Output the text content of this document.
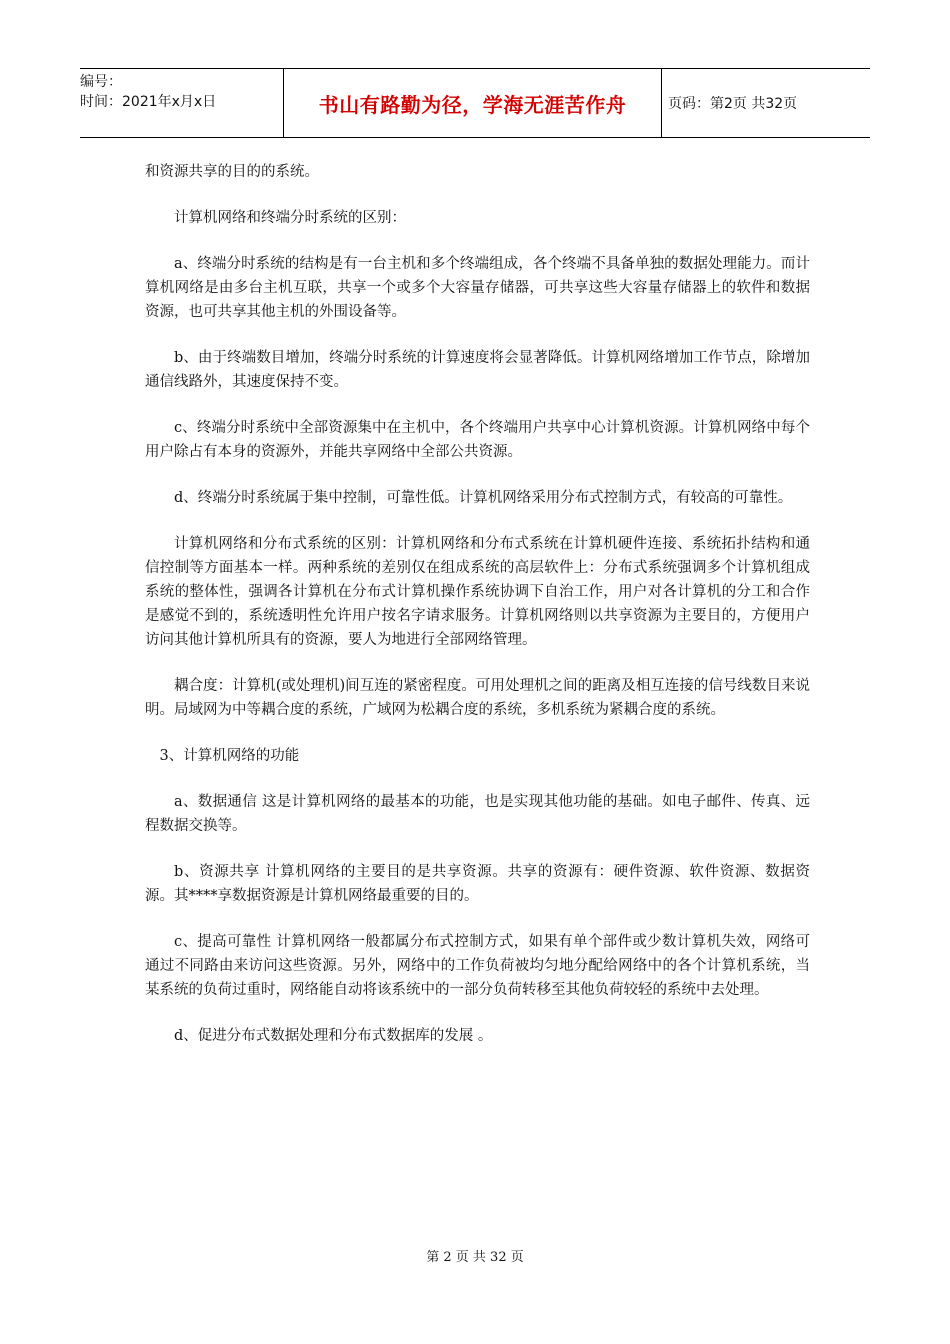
编号：
时间：2021年x月x日	书山有路勤为径，学海无涯苦作舟	页码：第2页 共32页

和资源共享的目的的系统。

计算机网络和终端分时系统的区别：

a、终端分时系统的结构是有一台主机和多个终端组成，各个终端不具备单独的数据处理能力。而计算机网络是由多台主机互联，共享一个或多个大容量存储器，可共享这些大容量存储器上的软件和数据资源，也可共享其他主机的外围设备等。

b、由于终端数目增加，终端分时系统的计算速度将会显著降低。计算机网络增加工作节点，除增加通信线路外，其速度保持不变。

c、终端分时系统中全部资源集中在主机中，各个终端用户共享中心计算机资源。计算机网络中每个用户除占有本身的资源外，并能共享网络中全部公共资源。

d、终端分时系统属于集中控制，可靠性低。计算机网络采用分布式控制方式，有较高的可靠性。

计算机网络和分布式系统的区别：计算机网络和分布式系统在计算机硬件连接、系统拓扑结构和通信控制等方面基本一样。两种系统的差别仅在组成系统的高层软件上：分布式系统强调多个计算机组成系统的整体性，强调各计算机在分布式计算机操作系统协调下自治工作，用户对各计算机的分工和合作是感觉不到的，系统透明性允许用户按名字请求服务。计算机网络则以共享资源为主要目的，方便用户访问其他计算机所具有的资源，要人为地进行全部网络管理。

耦合度：计算机(或处理机)间互连的紧密程度。可用处理机之间的距离及相互连接的信号线数目来说明。局域网为中等耦合度的系统，广域网为松耦合度的系统，多机系统为紧耦合度的系统。

3、计算机网络的功能

a、数据通信 这是计算机网络的最基本的功能，也是实现其他功能的基础。如电子邮件、传真、远程数据交换等。

b、资源共享 计算机网络的主要目的是共享资源。共享的资源有：硬件资源、软件资源、数据资源。其****享数据资源是计算机网络最重要的目的。

c、提高可靠性 计算机网络一般都属分布式控制方式，如果有单个部件或少数计算机失效，网络可通过不同路由来访问这些资源。另外，网络中的工作负荷被均匀地分配给网络中的各个计算机系统，当某系统的负荷过重时，网络能自动将该系统中的一部分负荷转移至其他负荷较轻的系统中去处理。

d、促进分布式数据处理和分布式数据库的发展 。

第 2 页 共 32 页
